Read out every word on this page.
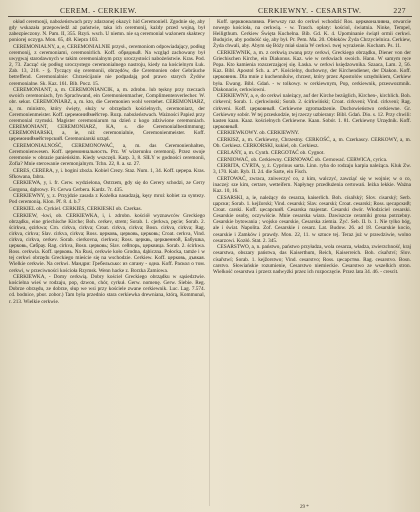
CEREM. - CERKIEW.	CERKIEWNY. - CESARSTW.	227

okład ceremonji, nabożeństwach przy zdarzonej okazyi: hid Ceremoniell. Zgodnie się, aby gdy wskazała przepowiedź aż państwie, taka ich ceremonij, każdy przed wojną, był zabezpieczony. N. Pam. II, 355. Rzyń. wsch. U niemn. nie są ceremonial ważonem skaktecy poniorej oczyga. Mon. 65, 48. Kiepra 103.

CEREMONIAŁNY, a, e, CEREMONIALNIE przysł., ceremoniom odpowiadający, podług ceremonij, z ceremoniami, ceremonirlich. Koff. обрядный. Na wzgląd zachowany był uwygwaj starodawnych w takim ceremonialnym przy uroczystości nabożeństwie. Kras. Pod. 2, 73. Zacząć się podług uroczystego ceremonialnego nastroju, kiedy na kościelnym Łuk. Zab. 13, 218. - §. Tyczący się ceremonii, obrzędów, die Ceremonien oder Gebräuche betreffend. Ceremonialnie: Chrześcijanie nie podpadają pod prawo starych Żydów ceremonialne. Sk. Kaz. 161. Bib. Pocz. 15.

CEREMONIANT, a, m. CEREMONIANCIK, a, m. zdrobn. lub tęskny przy rzeczach swoich ceremoniach, fyn Sprachwand, ein Ceremonienmacher, Complimentenverlecher. W. obr. sekut. CEREMONIARZ, a, m. kto, die Ceremonien wohl verstehet. CEREMONIARZ, a, m. ministro, który święty, służy w obrzędach kościelnych, ceremoniarz, der Ceremonienmeister. Koff. церемониймейстер. Rozp. nabożeństwach. Ważności Papież przy ceremonial rzymski. Magister ceremoniarum na dzień z kogo zdziwione ceremoniach. CEREMONIANT, CEREMONIARZ, KA, s. die Ceremonialbestimmung; CEREMONIARSKI, a, ie, niż ceremonialnie, Ceremonienmeister. Koff. церемониймейстерский. Ceremoniarski urząd.

CEREMONIALNOŚĆ, CEREMONOWAĆ, a, m. das Ceremonienhalten, Ceremonienwesen. Koff. церемониальность. Prz. W wizerunku ceremonij. Przez swoje ceremonie w obrazie panieńskim. Kiedy wszczęli. Karp. 3, 8. SIŁY w godności ceremonii, Zofia? Mnie sterowanie ceremonjalnym. Tchn. 22, 8. a. sz. 27.

CERES, CERERA, y, i. bogini zboża. Kobiel Crezy. Staz. Num. 1, 34. Koff. церера. Kras. Sfkowana, fabra.

CERKIEWA, y, i. fr. Cerw. wydzielona, Ostrzem, gdy się do Cerery schodzi, ze Cerry Gorgona, dąbrowy. Fr. Cerwa Cerbera. Kardz. 7r. 435.

CERKIEWNY, y, z. Przyjdzie zasada z Kożelka nasadzają, kęsy mroż kobiet za syntezy. Pod ceremonią. Klon. Pf. 8. 4. b.7

CERKIEL ob. Cyrkiel. CERKIES, CERKIESKI ob. Czerkas.

CERKIEW, -kwi, ob. CERKIEWKA, i, i. zdrobn. kościół wyznawców Greckiego obrządku, eine griechische Kirche; Boh. cerkev, strem; Sorab. 1. cjerkwa, pęcie; Sorab. 2. ścirkwa, ęzirkwa; Crn. cirkva, cirkva; Croat. cirkva, cirkva; Bosn. cirkva, cirkva; Rag. cirkva, cirkva; Slav. cirkva, cirkva; Ross. церковь, церковь, церковь; Croat. cerkva, Vind. cirkva, cirkva, cerkev. Sorab. cierkovna, cierkwa; Ross. церквь, церквенной, Бабушка, церковь, Сябрау. Rag. cirkva, Bosn. церковь; Slav. сейпорь, церквица. Sorab. 2. ścirkwa. Ross. cerkwia. Koff. церковь. Na Rusi, cerkwie koło Grodna, dąbiczna. Połocka, tamże i w tej cerkwi obrzędu Greckiego mieście się na wschodzie. Cerkiew. Koff. церковь, дъвкая. Wielkie cerkwie. Na cerkwi. Мандри: Гребельсько: из сатану - одна. Koff. Раскол о тoм. cerkwi, w przeciwności kościoła Rzymsk. Wenn hacke z. Borzka Zamiowa.

CERKIEWKA, - Domy cerkwią. Dobry kościel Greckiego obrządku w sąsiedztwie. kościelna wieś w rodzaju, pop, dzwon, chór, cyrkuł. Gerw. nomenę. Gerw. Siebie. Reg. Dobrze obrzędu, ze dobrze, słup we wsi przy kościele zwane cerkiewnik. Luc. Lag. 7.574. cd. bodnice, pbor. zobor.) Tam była przednio stara cerkiewka drewniana, którą, Kommunal, r. 213. Wielkie cerkwie.

Koff. церквоналивна. Pierwszy raz do cerkwi wchodzić Ros. церквоналивна, otwarcie nowego kościoła, na cerkwią. - w. Trasch. opłaty: kościol, światnia. Ninke, Tempel, Heiligthum. Cerkiew Święta Kuchelna. Bib. Gd. K. 4. Upominanie świątł ormii cerkwi. Budujcie, aby podnóść się, aby był. Pr. Pem. Ma. 20. Obłoków Żyda Chrzycielnica. Cerkiew, Żyda chwali, aby. Abym się Bóży miał siania W cerkwi. twej wyrażenie. Kocham. Ps. 11.

CERKIEWNIK, a, m. z cerkwią zwaną przy cerkwi, Greckiego obrządku, Diener von der Griechischen Kirche, ein Diakonus. Kaz. wie w cerkwiach swoich. Hann. W samym ręce Popa. Kto kamienia rozszerzającej się. Łaska. w cerkwi księdzownika. Szaaca, Lam. 2, 56. Kaz. Bibl. Apostol Sch. a. a*. Kościelny, duchowny, der Kirchendiener, der Diakon. Koff. церковник. Dla mnie z kuchenników, chrzest, który przez Apostolów urzędnikiem, Cerkiew była. Ewang. Bibl. Gdań. - w tolkowy. w cerkiewnym, Pop, cerkiewnik, przeswozmnik. Diakonacie, cerkwiowni.

CERKIEWNY, a, e, do cerkwi należący, auf der Kirche bezüglich, Kirchen-, kirchlich. Boh. cirkevní; Sorab. 1. cjerkwinski; Sorab. 2. ścirkwiński; Croat. cirkveni; Vind. cirkveni; Rag. cirkveni. Koff. церковный. Cerkiewne zgromadzenie. Duchowieństwo cerkiewne. Gr. Cerkiewny sobór. W tej przeskodzie, tej rzeczy uzbierany: Bibl. Gdań. Dio. s. 12. Przy chwili: kasten kaan. Kaaz. kościelnych Cerkiewne. Kaan. Sobór. 1. 81. Cerkiewny Urzędnik. Koff. церковный.

CERKIEWKOWY. ob. CERKIEWNY.

CERKISZ, a, m. Cerkiewny, Chrzestny. CERKOŚĆ, a, m. Czerkascy. CERKOWY, a, m. Ob. Cerkiesz. CERKORSKI, kukiel, ob. Cerkiesz.

CERLAŃY, a, m. Cynth. CERGOTAĆ ob. Cygnot.

CERNIOWAĆ, ob. Cerkiewny. CERNOWAĆ ob. Cernować. CERWICA, cyrica.

CERRITA, CYRTA, y, ż. Cyprinus sarta. Linn. ryba do rodzaju karpia należąca. Kluk Zw. 3, 170. Kalt. Ryb. II. 24. die Sarte, ein Fisch.

CERTOWAĆ, zwraca, zniweczyć co, z kim, walczyć, zawziąć się w wojnie; w o co, inaczej: sze kim, certare, wetteifern. Napłynęy przedłużenia certowań. Ieżka lekkie. Ważna Kaz. 10, 16.

CESARSKI, a, ie, należący do cesarza, kaiserlich. Boh. císařský; Slov. cisarský; Serb. царски; Sorab. 1. kejžorski; Vind. cesarski; Slav. cesarski; Croat. cesarski; Ross. цесарский; Croat. carski. Koff. цесарский. Cesarska majestat. Cesarski dwór. Włodziciel cesarski. Cesarskie osoby, oczywiście. Mnie cesarska wiara. Dawiszcze ceramiki grona potrzebny. Cesarskie bytowania ; wojsko cesarskie, Cesarska ziemia. Żyć. Seb. II. b. 1. Nie tylko bóg, ale i świat. Napolita. Zof. Cesarskie i cesarz. Lat. Budow. 26. ad 18. Cesarskie kocio, cesarskie i Zamków i prawdy. Mon. 22, 11. w sztuce tej. Teraz już w prawdziwie, wolno cesarzowi. Kozłó. Stat. 2. 345.

CESARSTWO, a, n. państwo, państwo przyładza, wola cesarza, władza, zwierzchność, kraj cesarstwa, obszary państwa, das Kaiserthum, Reich, Kaiserreich. Boh. císařství; Slov. císařstwí; Sorab. 1. kejžorstwo; Vind. cesarstvo; Ross. цесарство. Rag. cesarstvo. Bosn. carstvo. Słowiańskie rozumienie, Cesarstwo niemieckie. Cesarstwo ze wszelkich stron. Wielkość cesarstwa i przerz nadwyżki przez ich rozpoczęcie. Przez lata 34. 46. - crescit.

29 *
